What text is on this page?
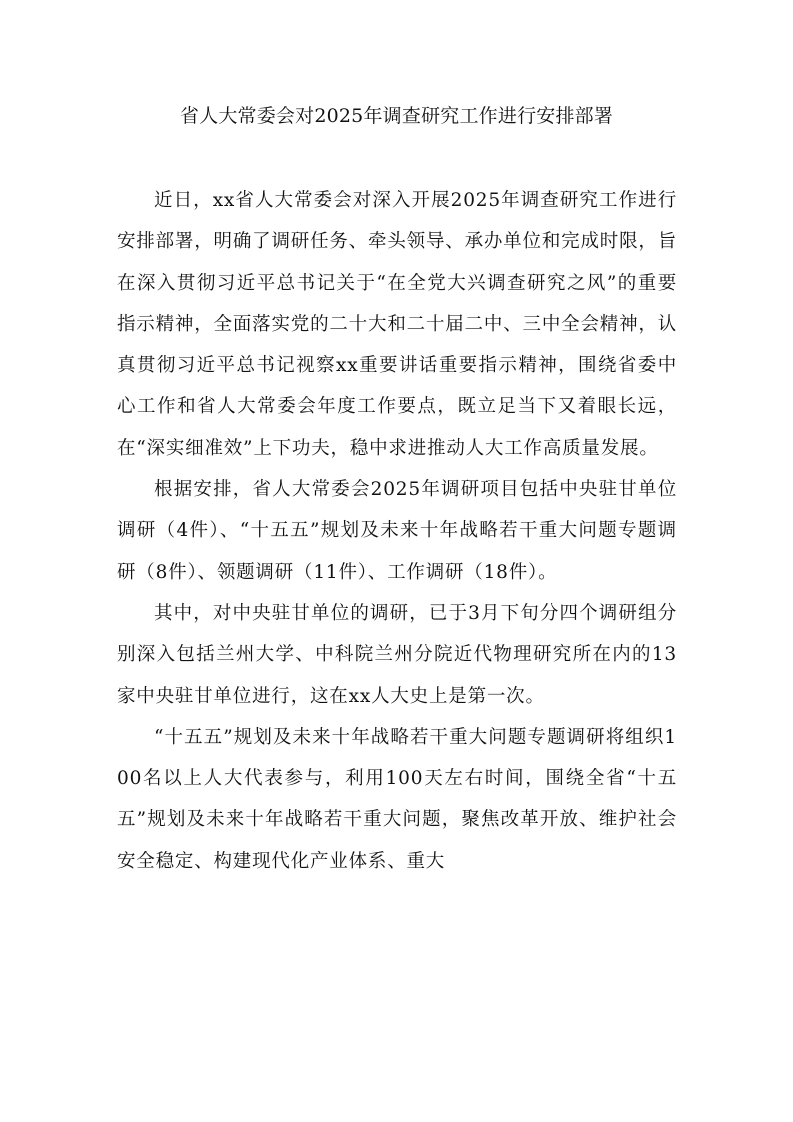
省人大常委会对2025年调查研究工作进行安排部署

近日，xx省人大常委会对深入开展2025年调查研究工作进行安排部署，明确了调研任务、牵头领导、承办单位和完成时限，旨在深入贯彻习近平总书记关于“在全党大兴调查研究之风”的重要指示精神，全面落实党的二十大和二十届二中、三中全会精神，认真贯彻习近平总书记视察xx重要讲话重要指示精神，围绕省委中心工作和省人大常委会年度工作要点，既立足当下又着眼长远，在“深实细准效”上下功夫，稳中求进推动人大工作高质量发展。

根据安排，省人大常委会2025年调研项目包括中央驻甘单位调研（4件）、“十五五”规划及未来十年战略若干重大问题专题调研（8件）、领题调研（11件）、工作调研（18件）。

其中，对中央驻甘单位的调研，已于3月下旬分四个调研组分别深入包括兰州大学、中科院兰州分院近代物理研究所在内的13家中央驻甘单位进行，这在xx人大史上是第一次。

“十五五”规划及未来十年战略若干重大问题专题调研将组织100名以上人大代表参与，利用100天左右时间，围绕全省“十五五”规划及未来十年战略若干重大问题，聚焦改革开放、维护社会安全稳定、构建现代化产业体系、重大
